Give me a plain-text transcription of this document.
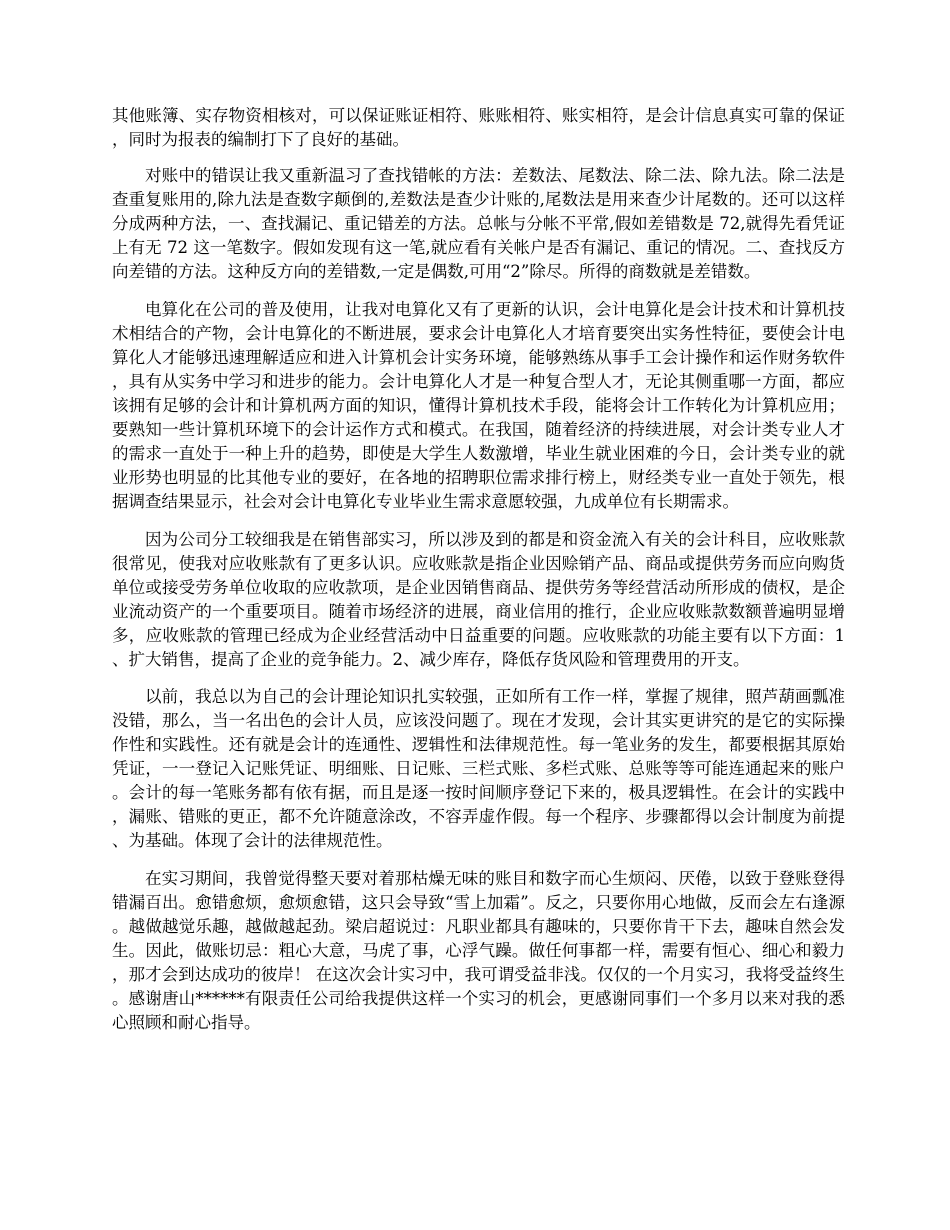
其他账簿、实存物资相核对，可以保证账证相符、账账相符、账实相符，是会计信息真实可靠的保证，同时为报表的编制打下了良好的基础。

对账中的错误让我又重新温习了查找错帐的方法：差数法、尾数法、除二法、除九法。除二法是查重复账用的,除九法是查数字颠倒的,差数法是查少计账的,尾数法是用来查少计尾数的。还可以这样分成两种方法，一、查找漏记、重记错差的方法。总帐与分帐不平常,假如差错数是 72,就得先看凭证上有无 72 这一笔数字。假如发现有这一笔,就应看有关帐户是否有漏记、重记的情况。二、查找反方向差错的方法。这种反方向的差错数,一定是偶数,可用“2”除尽。所得的商数就是差错数。

电算化在公司的普及使用，让我对电算化又有了更新的认识，会计电算化是会计技术和计算机技术相结合的产物，会计电算化的不断进展，要求会计电算化人才培育要突出实务性特征，要使会计电算化人才能够迅速理解适应和进入计算机会计实务环境，能够熟练从事手工会计操作和运作财务软件，具有从实务中学习和进步的能力。会计电算化人才是一种复合型人才，无论其侧重哪一方面，都应该拥有足够的会计和计算机两方面的知识，懂得计算机技术手段，能将会计工作转化为计算机应用；要熟知一些计算机环境下的会计运作方式和模式。在我国，随着经济的持续进展，对会计类专业人才的需求一直处于一种上升的趋势，即使是大学生人数激增，毕业生就业困难的今日，会计类专业的就业形势也明显的比其他专业的要好，在各地的招聘职位需求排行榜上，财经类专业一直处于领先，根据调查结果显示，社会对会计电算化专业毕业生需求意愿较强，九成单位有长期需求。

因为公司分工较细我是在销售部实习，所以涉及到的都是和资金流入有关的会计科目，应收账款很常见，使我对应收账款有了更多认识。应收账款是指企业因赊销产品、商品或提供劳务而应向购货单位或接受劳务单位收取的应收款项，是企业因销售商品、提供劳务等经营活动所形成的债权，是企业流动资产的一个重要项目。随着市场经济的进展，商业信用的推行，企业应收账款数额普遍明显增多，应收账款的管理已经成为企业经营活动中日益重要的问题。应收账款的功能主要有以下方面：1、扩大销售，提高了企业的竞争能力。2、减少库存，降低存货风险和管理费用的开支。

以前，我总以为自己的会计理论知识扎实较强，正如所有工作一样，掌握了规律，照芦葫画瓢准没错，那么，当一名出色的会计人员，应该没问题了。现在才发现，会计其实更讲究的是它的实际操作性和实践性。还有就是会计的连通性、逻辑性和法律规范性。每一笔业务的发生，都要根据其原始凭证，一一登记入记账凭证、明细账、日记账、三栏式账、多栏式账、总账等等可能连通起来的账户。会计的每一笔账务都有依有据，而且是逐一按时间顺序登记下来的，极具逻辑性。在会计的实践中，漏账、错账的更正，都不允许随意涂改，不容弄虚作假。每一个程序、步骤都得以会计制度为前提、为基础。体现了会计的法律规范性。

在实习期间，我曾觉得整天要对着那枯燥无味的账目和数字而心生烦闷、厌倦，以致于登账登得错漏百出。愈错愈烦，愈烦愈错，这只会导致“雪上加霜”。反之，只要你用心地做，反而会左右逢源。越做越觉乐趣，越做越起劲。梁启超说过：凡职业都具有趣味的，只要你肯干下去，趣味自然会发生。因此，做账切忌：粗心大意，马虎了事，心浮气躁。做任何事都一样，需要有恒心、细心和毅力，那才会到达成功的彼岸！ 在这次会计实习中，我可谓受益非浅。仅仅的一个月实习，我将受益终生。感谢唐山******有限责任公司给我提供这样一个实习的机会，更感谢同事们一个多月以来对我的悉心照顾和耐心指导。
